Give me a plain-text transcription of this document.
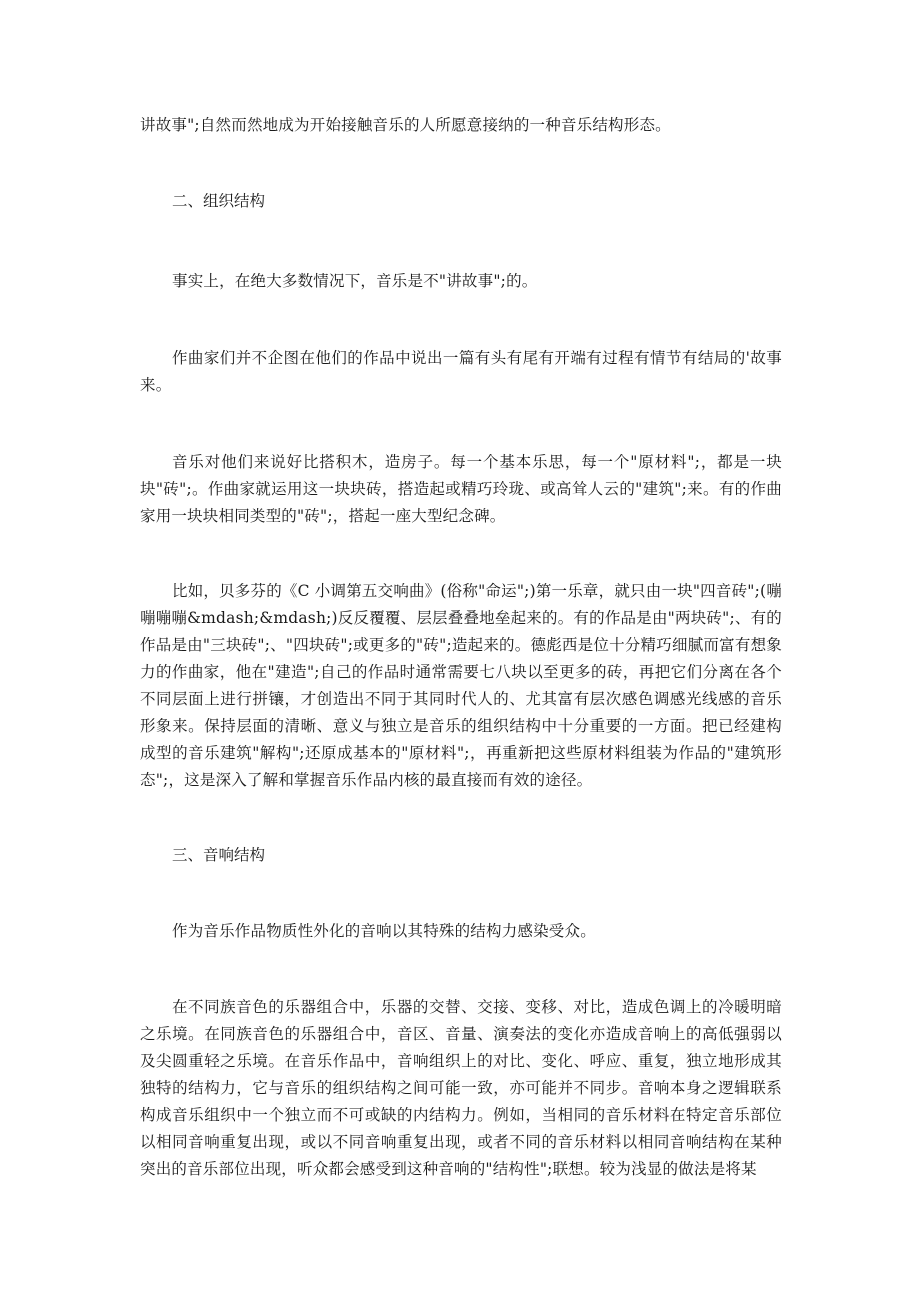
讲故事";自然而然地成为开始接触音乐的人所愿意接纳的一种音乐结构形态。

二、组织结构

事实上，在绝大多数情况下，音乐是不"讲故事";的。

作曲家们并不企图在他们的作品中说出一篇有头有尾有开端有过程有情节有结局的'故事来。

音乐对他们来说好比搭积木，造房子。每一个基本乐思，每一个"原材料";，都是一块块"砖";。作曲家就运用这一块块砖，搭造起或精巧玲珑、或高耸人云的"建筑";来。有的作曲家用一块块相同类型的"砖";，搭起一座大型纪念碑。

比如，贝多芬的《C 小调第五交响曲》(俗称"命运";)第一乐章，就只由一块"四音砖";(嘣嘣嘣嘣&mdash;&mdash;)反反覆覆、层层叠叠地垒起来的。有的作品是由"两块砖";、有的作品是由"三块砖";、"四块砖";或更多的"砖";造起来的。德彪西是位十分精巧细腻而富有想象力的作曲家，他在"建造";自己的作品时通常需要七八块以至更多的砖，再把它们分离在各个不同层面上进行拼镶，才创造出不同于其同时代人的、尤其富有层次感色调感光线感的音乐形象来。保持层面的清晰、意义与独立是音乐的组织结构中十分重要的一方面。把已经建构成型的音乐建筑"解构";还原成基本的"原材料";，再重新把这些原材料组装为作品的"建筑形态";，这是深入了解和掌握音乐作品内核的最直接而有效的途径。

三、音响结构

作为音乐作品物质性外化的音响以其特殊的结构力感染受众。

在不同族音色的乐器组合中，乐器的交替、交接、变移、对比，造成色调上的冷暖明暗之乐境。在同族音色的乐器组合中，音区、音量、演奏法的变化亦造成音响上的高低强弱以及尖圆重轻之乐境。在音乐作品中，音响组织上的对比、变化、呼应、重复，独立地形成其独特的结构力，它与音乐的组织结构之间可能一致，亦可能并不同步。音响本身之逻辑联系构成音乐组织中一个独立而不可或缺的内结构力。例如，当相同的音乐材料在特定音乐部位以相同音响重复出现，或以不同音响重复出现，或者不同的音乐材料以相同音响结构在某种突出的音乐部位出现，听众都会感受到这种音响的"结构性";联想。较为浅显的做法是将某
